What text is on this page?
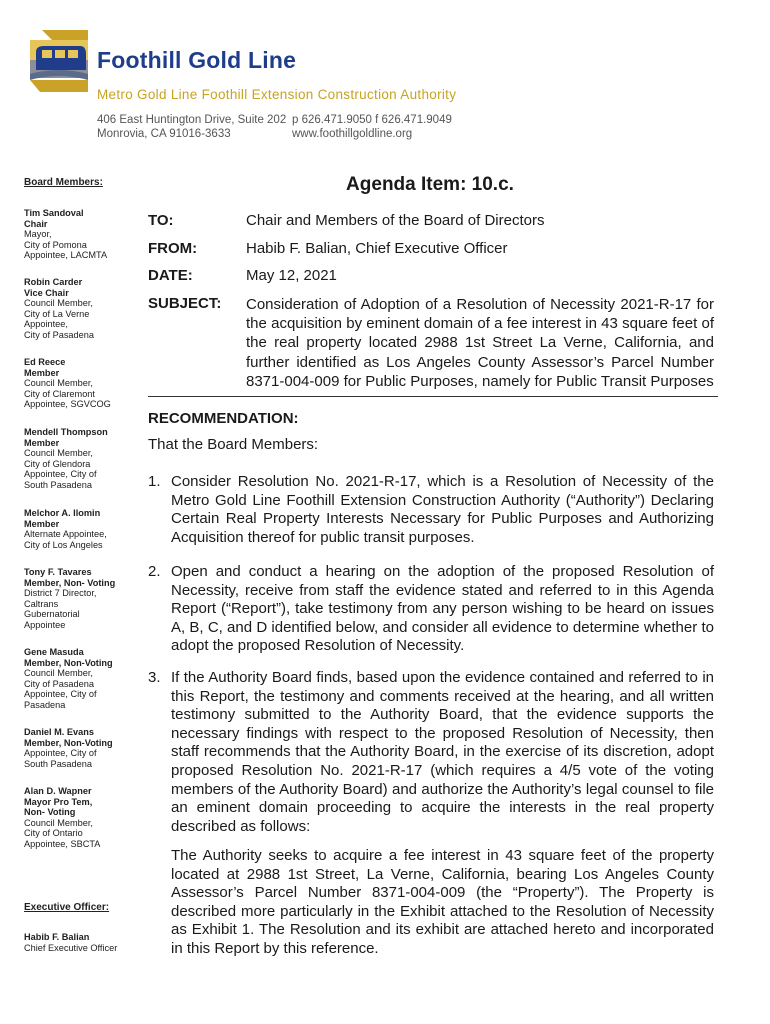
Foothill Gold Line
Metro Gold Line Foothill Extension Construction Authority
406 East Huntington Drive, Suite 202
Monrovia, CA 91016-3633
p 626.471.9050 f 626.471.9049
www.foothillgoldline.org
Board Members:
Tim Sandoval
Chair
Mayor,
City of Pomona
Appointee, LACMTA
Robin Carder
Vice Chair
Council Member,
City of La Verne
Appointee,
City of Pasadena
Ed Reece
Member
Council Member,
City of Claremont
Appointee, SGVCOG
Mendell Thompson
Member
Council Member,
City of Glendora
Appointee, City of
South Pasadena
Melchor A. Ilomin
Member
Alternate Appointee,
City of Los Angeles
Tony F. Tavares
Member, Non- Voting
District 7 Director,
Caltrans
Gubernatorial
Appointee
Gene Masuda
Member, Non-Voting
Council Member,
City of Pasadena
Appointee, City of
Pasadena
Daniel M. Evans
Member, Non-Voting
Appointee, City of
South Pasadena
Alan D. Wapner
Mayor Pro Tem,
Non- Voting
Council Member,
City of Ontario
Appointee, SBCTA
Executive Officer:
Habib F. Balian
Chief Executive Officer
Agenda Item: 10.c.
TO:	Chair and Members of the Board of Directors
FROM:	Habib F. Balian, Chief Executive Officer
DATE:	May 12, 2021
SUBJECT: Consideration of Adoption of a Resolution of Necessity 2021-R-17 for the acquisition by eminent domain of a fee interest in 43 square feet of the real property located 2988 1st Street La Verne, California, and further identified as Los Angeles County Assessor’s Parcel Number 8371-004-009 for Public Purposes, namely for Public Transit Purposes
RECOMMENDATION:
That the Board Members:
1. Consider Resolution No. 2021-R-17, which is a Resolution of Necessity of the Metro Gold Line Foothill Extension Construction Authority (“Authority”) Declaring Certain Real Property Interests Necessary for Public Purposes and Authorizing Acquisition thereof for public transit purposes.
2. Open and conduct a hearing on the adoption of the proposed Resolution of Necessity, receive from staff the evidence stated and referred to in this Agenda Report (“Report”), take testimony from any person wishing to be heard on issues A, B, C, and D identified below, and consider all evidence to determine whether to adopt the proposed Resolution of Necessity.
3. If the Authority Board finds, based upon the evidence contained and referred to in this Report, the testimony and comments received at the hearing, and all written testimony submitted to the Authority Board, that the evidence supports the necessary findings with respect to the proposed Resolution of Necessity, then staff recommends that the Authority Board, in the exercise of its discretion, adopt proposed Resolution No. 2021-R-17 (which requires a 4/5 vote of the voting members of the Authority Board) and authorize the Authority’s legal counsel to file an eminent domain proceeding to acquire the interests in the real property described as follows:
The Authority seeks to acquire a fee interest in 43 square feet of the property located at 2988 1st Street, La Verne, California, bearing Los Angeles County Assessor’s Parcel Number 8371-004-009 (the “Property”). The Property is described more particularly in the Exhibit attached to the Resolution of Necessity as Exhibit 1. The Resolution and its exhibit are attached hereto and incorporated in this Report by this reference.
